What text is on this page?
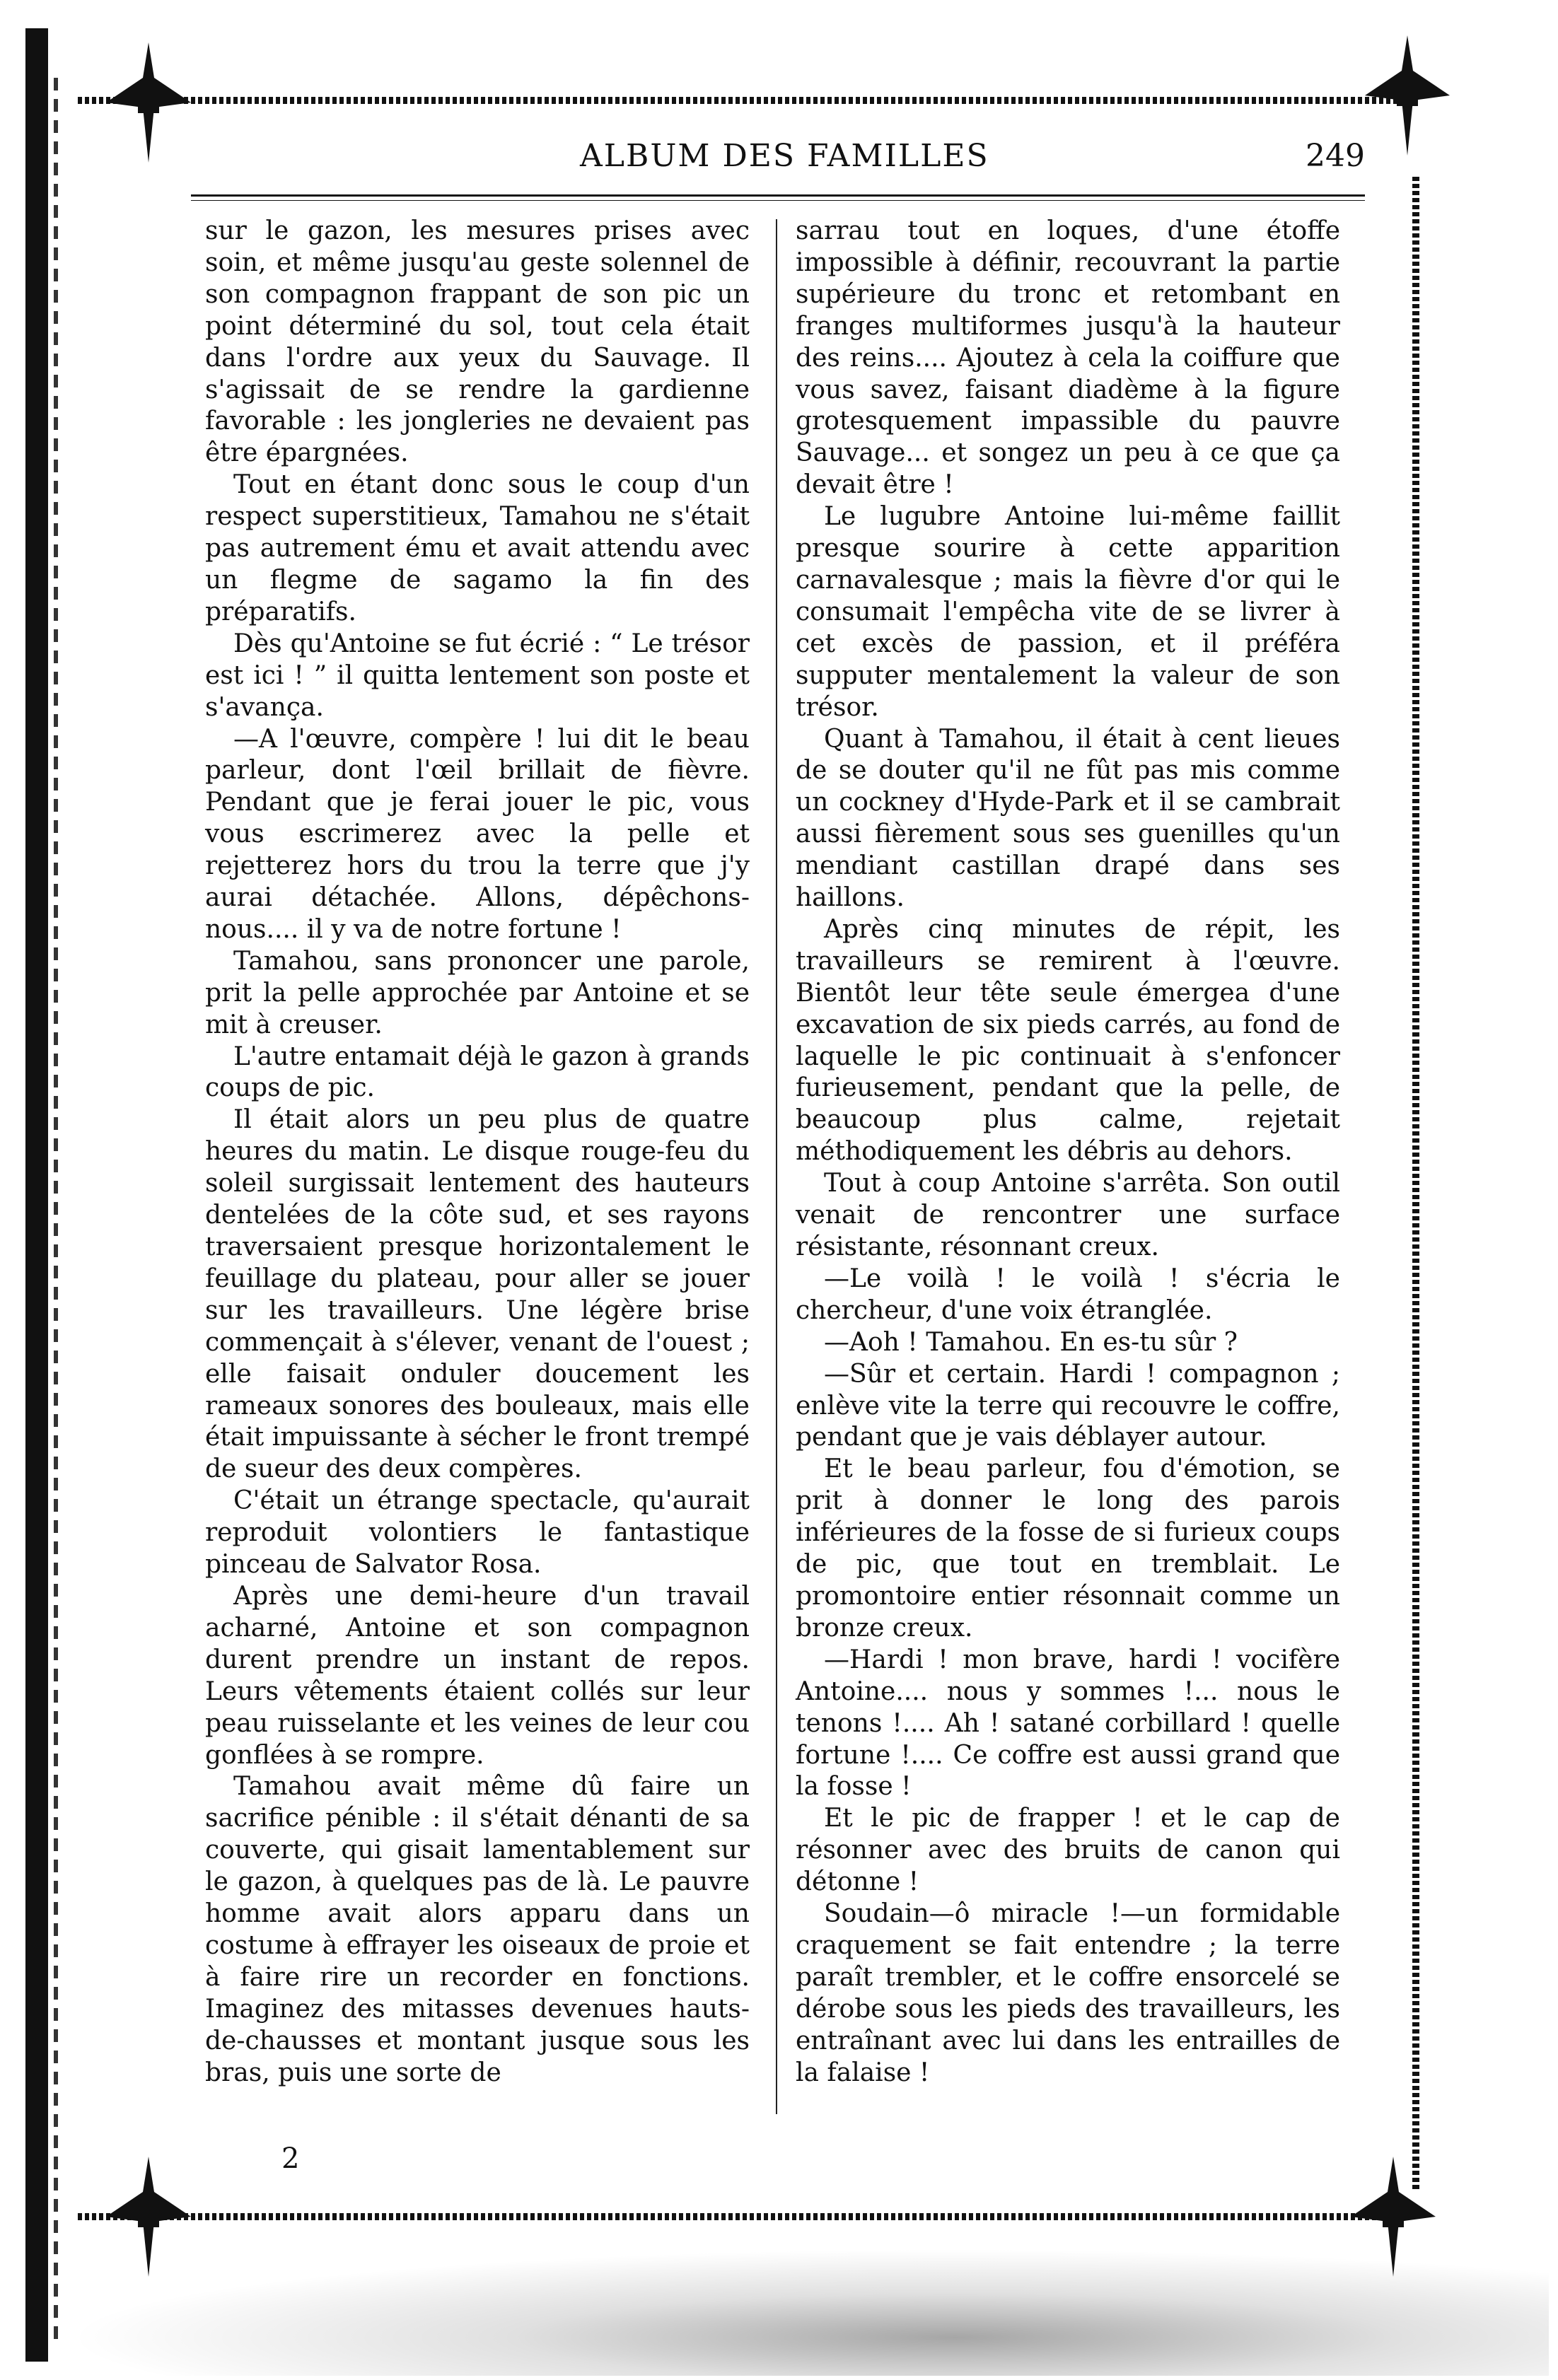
ALBUM DES FAMILLES	249

sur le gazon, les mesures prises avec soin, et même jusqu'au geste solennel de son compagnon frappant de son pic un point déterminé du sol, tout cela était dans l'ordre aux yeux du Sauvage. Il s'agissait de se rendre la gardienne favorable : les jongleries ne devaient pas être épargnées.

Tout en étant donc sous le coup d'un respect superstitieux, Tamahou ne s'était pas autrement ému et avait attendu avec un flegme de sagamo la fin des préparatifs.

Dès qu'Antoine se fut écrié : “ Le trésor est ici ! ” il quitta lentement son poste et s'avança.

—A l'œuvre, compère ! lui dit le beau parleur, dont l'œil brillait de fièvre. Pendant que je ferai jouer le pic, vous vous escrimerez avec la pelle et rejetterez hors du trou la terre que j'y aurai détachée. Allons, dépêchons-nous.... il y va de notre fortune !

Tamahou, sans prononcer une parole, prit la pelle approchée par Antoine et se mit à creuser.

L'autre entamait déjà le gazon à grands coups de pic.

Il était alors un peu plus de quatre heures du matin. Le disque rouge-feu du soleil surgissait lentement des hauteurs dentelées de la côte sud, et ses rayons traversaient presque horizontalement le feuillage du plateau, pour aller se jouer sur les travailleurs. Une légère brise commençait à s'élever, venant de l'ouest ; elle faisait onduler doucement les rameaux sonores des bouleaux, mais elle était impuissante à sécher le front trempé de sueur des deux compères.

C'était un étrange spectacle, qu'aurait reproduit volontiers le fantastique pinceau de Salvator Rosa.

Après une demi-heure d'un travail acharné, Antoine et son compagnon durent prendre un instant de repos. Leurs vêtements étaient collés sur leur peau ruisselante et les veines de leur cou gonflées à se rompre.

Tamahou avait même dû faire un sacrifice pénible : il s'était dénanti de sa couverte, qui gisait lamentablement sur le gazon, à quelques pas de là. Le pauvre homme avait alors apparu dans un costume à effrayer les oiseaux de proie et à faire rire un recorder en fonctions. Imaginez des mitasses devenues hauts-de-chausses et montant jusque sous les bras, puis une sorte de

sarrau tout en loques, d'une étoffe impossible à définir, recouvrant la partie supérieure du tronc et retombant en franges multiformes jusqu'à la hauteur des reins.... Ajoutez à cela la coiffure que vous savez, faisant diadème à la figure grotesquement impassible du pauvre Sauvage... et songez un peu à ce que ça devait être !

Le lugubre Antoine lui-même faillit presque sourire à cette apparition carnavalesque ; mais la fièvre d'or qui le consumait l'empêcha vite de se livrer à cet excès de passion, et il préféra supputer mentalement la valeur de son trésor.

Quant à Tamahou, il était à cent lieues de se douter qu'il ne fût pas mis comme un cockney d'Hyde-Park et il se cambrait aussi fièrement sous ses guenilles qu'un mendiant castillan drapé dans ses haillons.

Après cinq minutes de répit, les travailleurs se remirent à l'œuvre. Bientôt leur tête seule émergea d'une excavation de six pieds carrés, au fond de laquelle le pic continuait à s'enfoncer furieusement, pendant que la pelle, de beaucoup plus calme, rejetait méthodiquement les débris au dehors.

Tout à coup Antoine s'arrêta. Son outil venait de rencontrer une surface résistante, résonnant creux.

—Le voilà ! le voilà ! s'écria le chercheur, d'une voix étranglée.

—Aoh ! Tamahou. En es-tu sûr ?

—Sûr et certain. Hardi ! compagnon ; enlève vite la terre qui recouvre le coffre, pendant que je vais déblayer autour.

Et le beau parleur, fou d'émotion, se prit à donner le long des parois inférieures de la fosse de si furieux coups de pic, que tout en tremblait. Le promontoire entier résonnait comme un bronze creux.

—Hardi ! mon brave, hardi ! vocifère Antoine.... nous y sommes !... nous le tenons !.... Ah ! satané corbillard ! quelle fortune !.... Ce coffre est aussi grand que la fosse !

Et le pic de frapper ! et le cap de résonner avec des bruits de canon qui détonne !

Soudain—ô miracle !—un formidable craquement se fait entendre ; la terre paraît trembler, et le coffre ensorcelé se dérobe sous les pieds des travailleurs, les entraînant avec lui dans les entrailles de la falaise !

2
